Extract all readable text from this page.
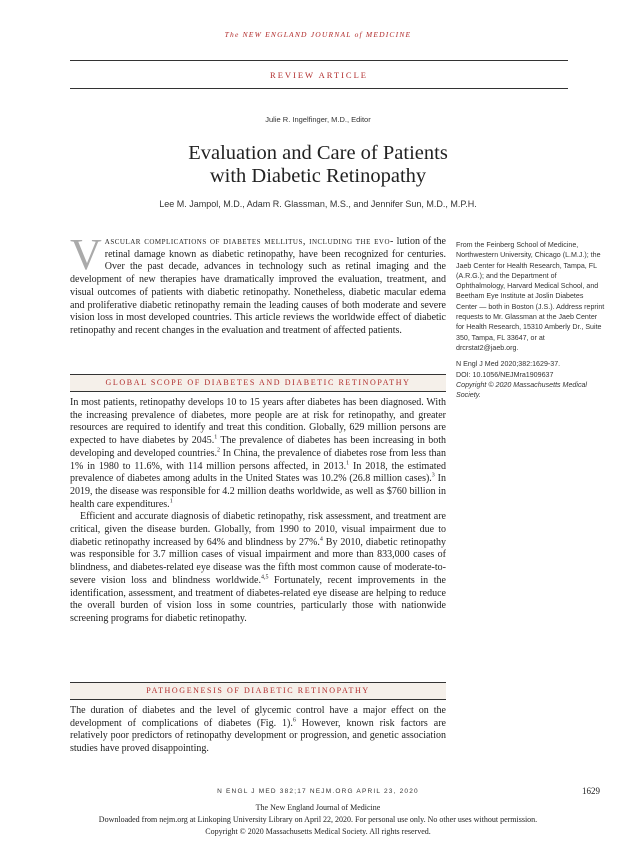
The NEW ENGLAND JOURNAL of MEDICINE
REVIEW ARTICLE
Julie R. Ingelfinger, M.D., Editor
Evaluation and Care of Patients
with Diabetic Retinopathy
Lee M. Jampol, M.D., Adam R. Glassman, M.S., and Jennifer Sun, M.D., M.P.H.
Vascular complications of diabetes mellitus, including the evo- lution of the retinal damage known as diabetic retinopathy, have been recognized for centuries. Over the past decade, advances in technology such as retinal imaging and the development of new therapies have dramatically improved the evaluation, treatment, and visual outcomes of patients with diabetic retinopathy. Nonetheless, diabetic macular edema and proliferative diabetic retinopathy remain the leading causes of both moderate and severe vision loss in most developed countries. This article reviews the worldwide effect of diabetic retinopathy and recent changes in the evaluation and treatment of affected patients.

From the Feinberg School of Medicine, Northwestern University, Chicago (L.M.J.); the Jaeb Center for Health Research, Tampa, FL (A.R.G.); and the Department of Ophthalmology, Harvard Medical School, and Beetham Eye Institute at Joslin Diabetes Center — both in Boston (J.S.). Address reprint requests to Mr. Glassman at the Jaeb Center for Health Research, 15310 Amberly Dr., Suite 350, Tampa, FL 33647, or at drcrstat2@jaeb.org.

N Engl J Med 2020;382:1629-37.

DOI: 10.1056/NEJMra1909637

Copyright © 2020 Massachusetts Medical Society.

GLOBAL SCOPE OF DIABETES AND DIABETIC RETINOPATHY

In most patients, retinopathy develops 10 to 15 years after diabetes has been diagnosed. With the increasing prevalence of diabetes, more people are at risk for retinopathy, and greater resources are required to identify and treat this condition. Globally, 629 million persons are expected to have diabetes by 2045.$^1$ The prevalence of diabetes has been increasing in both developing and developed countries.$^2$ In China, the prevalence of diabetes rose from less than 1% in 1980 to 11.6%, with 114 million persons affected, in 2013.$^1$ In 2018, the estimated prevalence of diabetes among adults in the United States was 10.2% (26.8 million cases).$^3$ In 2019, the disease was responsible for 4.2 million deaths worldwide, as well as $760 billion in health care expenditures.$^1$

Efficient and accurate diagnosis of diabetic retinopathy, risk assessment, and treatment are critical, given the disease burden. Globally, from 1990 to 2010, visual impairment due to diabetic retinopathy increased by 64% and blindness by 27%.$^4$ By 2010, diabetic retinopathy was responsible for 3.7 million cases of visual impairment and more than 833,000 cases of blindness, and diabetes-related eye disease was the fifth most common cause of moderate-to-severe vision loss and blindness worldwide.$^{4,5}$ Fortunately, recent improvements in the identification, assessment, and treatment of diabetes-related eye disease are helping to reduce the overall burden of vision loss in some countries, particularly those with nationwide screening programs for diabetic retinopathy.

PATHOGENESIS OF DIABETIC RETINOPATHY

The duration of diabetes and the level of glycemic control have a major effect on the development of complications of diabetes (Fig. 1).$^6$ However, known risk factors are relatively poor predictors of retinopathy development or progression, and genetic association studies have proved disappointing.

N ENGL J MED 382;17 NEJM.ORG APRIL 23, 2020	1629
The New England Journal of Medicine
Downloaded from nejm.org at Linkoping University Library on April 22, 2020. For personal use only. No other uses without permission.
Copyright © 2020 Massachusetts Medical Society. All rights reserved.
